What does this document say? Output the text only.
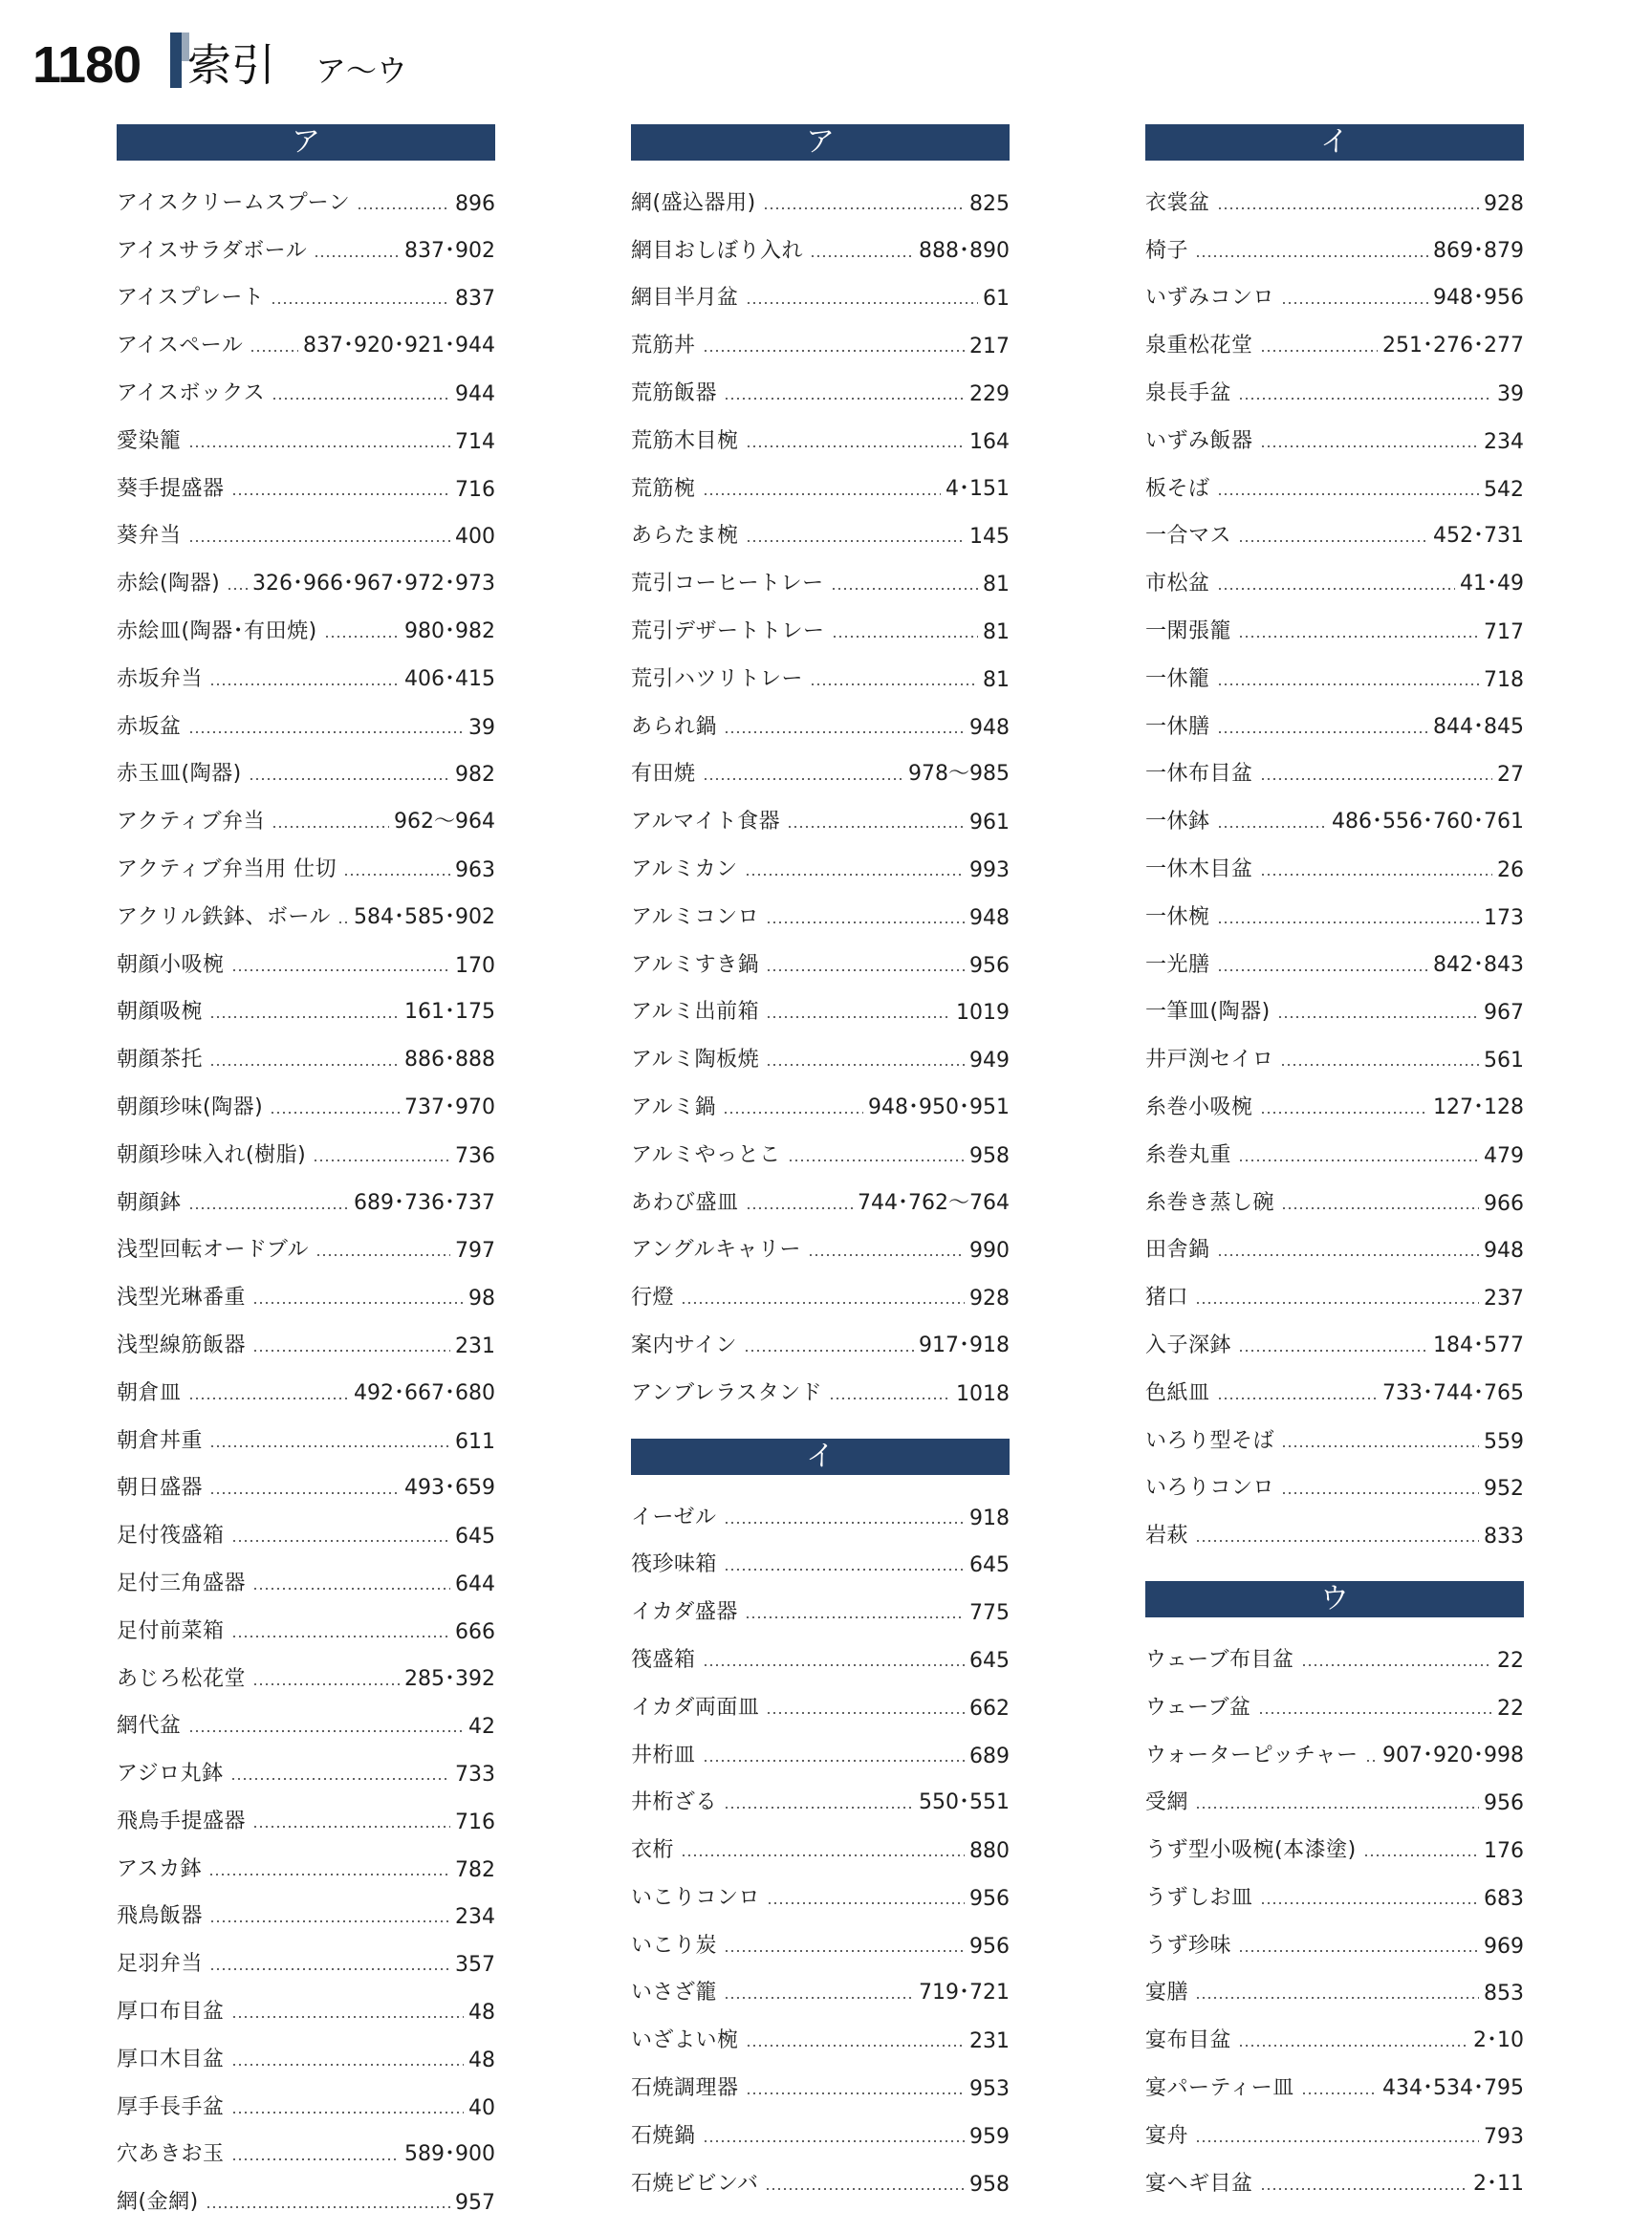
1180 索引 ア〜ウ
ア
アイスクリームスプーン	896
アイスサラダボール	837･902
アイスプレート	837
アイスペール	837･920･921･944
アイスボックス	944
愛染籠	714
葵手提盛器	716
葵弁当	400
赤絵(陶器) 326･966･967･972･973
赤絵皿(陶器･有田焼)	980･982
赤坂弁当	406･415
赤坂盆	39
赤玉皿(陶器)	982
アクティブ弁当	962〜964
アクティブ弁当用 仕切	963
アクリル鉄鉢、ボール 584･585･902
朝顔小吸椀	170
朝顔吸椀	161･175
朝顔茶托	886･888
朝顔珍味(陶器)	737･970
朝顔珍味入れ(樹脂)	736
朝顔鉢	689･736･737
浅型回転オードブル	797
浅型光琳番重	98
浅型線筋飯器	231
朝倉皿	492･667･680
朝倉丼重	611
朝日盛器	493･659
足付筏盛箱	645
足付三角盛器	644
足付前菜箱	666
あじろ松花堂	285･392
網代盆	42
アジロ丸鉢	733
飛鳥手提盛器	716
アスカ鉢	782
飛鳥飯器	234
足羽弁当	357
厚口布目盆	48
厚口木目盆	48
厚手長手盆	40
穴あきお玉	589･900
網(金網)	957
ア
網(盛込器用)	825
網目おしぼり入れ	888･890
網目半月盆	61
荒筋丼	217
荒筋飯器	229
荒筋木目椀	164
荒筋椀	4･151
あらたま椀	145
荒引コーヒートレー	81
荒引デザートトレー	81
荒引ハツリトレー	81
あられ鍋	948
有田焼	978〜985
アルマイト食器	961
アルミカン	993
アルミコンロ	948
アルミすき鍋	956
アルミ出前箱	1019
アルミ陶板焼	949
アルミ鍋	948･950･951
アルミやっとこ	958
あわび盛皿	744･762〜764
アングルキャリー	990
行燈	928
案内サイン	917･918
アンブレラスタンド	1018
イ
イーゼル	918
筏珍味箱	645
イカダ盛器	775
筏盛箱	645
イカダ両面皿	662
井桁皿	689
井桁ざる	550･551
衣桁	880
いこりコンロ	956
いこり炭	956
いさざ籠	719･721
いざよい椀	231
石焼調理器	953
石焼鍋	959
石焼ビビンバ	958
イ
衣裳盆	928
椅子	869･879
いずみコンロ	948･956
泉重松花堂	251･276･277
泉長手盆	39
いずみ飯器	234
板そば	542
一合マス	452･731
市松盆	41･49
一閑張籠	717
一休籠	718
一休膳	844･845
一休布目盆	27
一休鉢	486･556･760･761
一休木目盆	26
一休椀	173
一光膳	842･843
一筆皿(陶器)	967
井戸渕セイロ	561
糸巻小吸椀	127･128
糸巻丸重	479
糸巻き蒸し碗	966
田舎鍋	948
猪口	237
入子深鉢	184･577
色紙皿	733･744･765
いろり型そば	559
いろりコンロ	952
岩萩	833
ウ
ウェーブ布目盆	22
ウェーブ盆	22
ウォーターピッチャー 907･920･998
受網	956
うず型小吸椀(本漆塗)	176
うずしお皿	683
うず珍味	969
宴膳	853
宴布目盆	2･10
宴パーティー皿	434･534･795
宴舟	793
宴ヘギ目盆	2･11
